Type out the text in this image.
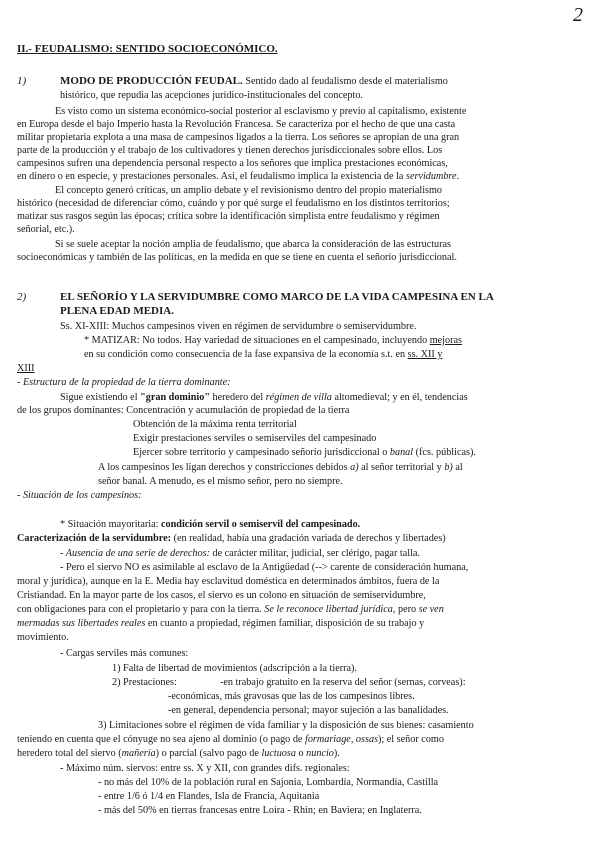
2
II.- FEUDALISMO: SENTIDO SOCIOECONÓMICO.
1)	MODO DE PRODUCCIÓN FEUDAL. Sentido dado al feudalismo desde el materialismo
histórico, que repudia las acepciones jurídico-institucionales del concepto.
Es visto como un sistema económico-social posterior al esclavismo y previo al capitalismo, existente
en Europa desde el bajo Imperio hasta la Revolución Francesa. Se caracteriza por el hecho de que una casta
militar propietaria explota a una masa de campesinos ligados a la tierra. Los señores se apropian de una gran
parte de la producción y el trabajo de los cultivadores y tienen derechos jurisdiccionales sobre ellos. Los
campesinos sufren una dependencia personal respecto a los señores que implica prestaciones económicas,
en dinero o en especie, y prestaciones personales. Así, el feudalismo implica la existencia de la servidumbre.
El concepto generó críticas, un amplio debate y el revisionismo dentro del propio materialismo
histórico (necesidad de diferenciar cómo, cuándo y por qué surge el feudalismo en los distintos territorios;
matizar sus rasgos según las épocas; crítica sobre la identificación simplista entre feudalismo y régimen
señorial, etc.).
Si se suele aceptar la noción amplia de feudalismo, que abarca la consideración de las estructuras
socioeconómicas y también de las políticas, en la medida en que se tiene en cuenta el señorío jurisdiccional.
2)	EL SEÑORÍO Y LA SERVIDUMBRE COMO MARCO DE LA VIDA CAMPESINA EN LA
PLENA EDAD MEDIA.
Ss. XI-XIII: Muchos campesinos viven en régimen de servidumbre o semiservidumbre.
* MATIZAR: No todos. Hay variedad de situaciones en el campesinado, incluyendo mejoras
en su condición como consecuencia de la fase expansiva de la economía s.t. en ss. XII y
XIII
- Estructura de la propiedad de la tierra dominante:
Sigue existiendo el "gran dominio" heredero del régimen de villa altomedieval; y en él, tendencias
de los grupos dominantes: Concentración y acumulación de propiedad de la tierra
Obtención de la máxima renta territorial
Exigir prestaciones serviles o semiserviles del campesinado
Ejercer sobre territorio y campesinado señorío jurisdiccional o banal (fcs. públicas).
A los campesinos les ligan derechos y constricciones debidos a) al señor territorial y b) al
señor banal. A menudo, es el mismo señor, pero no siempre.
- Situación de los campesinos:
* Situación mayoritaria: condición servil o semiservil del campesinado.
Caracterización de la servidumbre: (en realidad, había una gradación variada de derechos y libertades)
- Ausencia de una serie de derechos: de carácter militar, judicial, ser clérigo, pagar talla.
- Pero el siervo NO es asimilable al esclavo de la Antigüedad (--> carente de consideración humana,
moral y jurídica), aunque en la E. Media hay esclavitud doméstica en determinados ámbitos, fuera de la
Cristiandad. En la mayor parte de los casos, el siervo es un colono en situación de semiservidumbre,
con obligaciones para con el propietario y para con la tierra. Se le reconoce libertad jurídica, pero se ven
mermadas sus libertades reales en cuanto a propiedad, régimen familiar, disposición de su trabajo y
movimiento.
- Cargas serviles más comunes:
1) Falta de libertad de movimientos (adscripción a la tierra).
2) Prestaciones:	-en trabajo gratuito en la reserva del señor (sernas, corveas):
-económicas, más gravosas que las de los campesinos libres.
-en general, dependencia personal; mayor sujeción a las banalidades.
3) Limitaciones sobre el régimen de vida familiar y la disposición de sus bienes: casamiento
teniendo en cuenta que el cónyuge no sea ajeno al dominio (o pago de formariage, ossas); el señor como
heredero total del siervo (mañería) o parcial (salvo pago de luctuosa o nuncio).
- Máximo núm. siervos: entre ss. X y XII, con grandes difs. regionales:
- no más del 10% de la población rural en Sajonia, Lombardía, Normandía, Castilla
- entre 1/6 ó 1/4 en Flandes, Isla de Francia, Aquitania
- más del 50% en tierras francesas entre Loira - Rhin; en Baviera; en Inglaterra.
